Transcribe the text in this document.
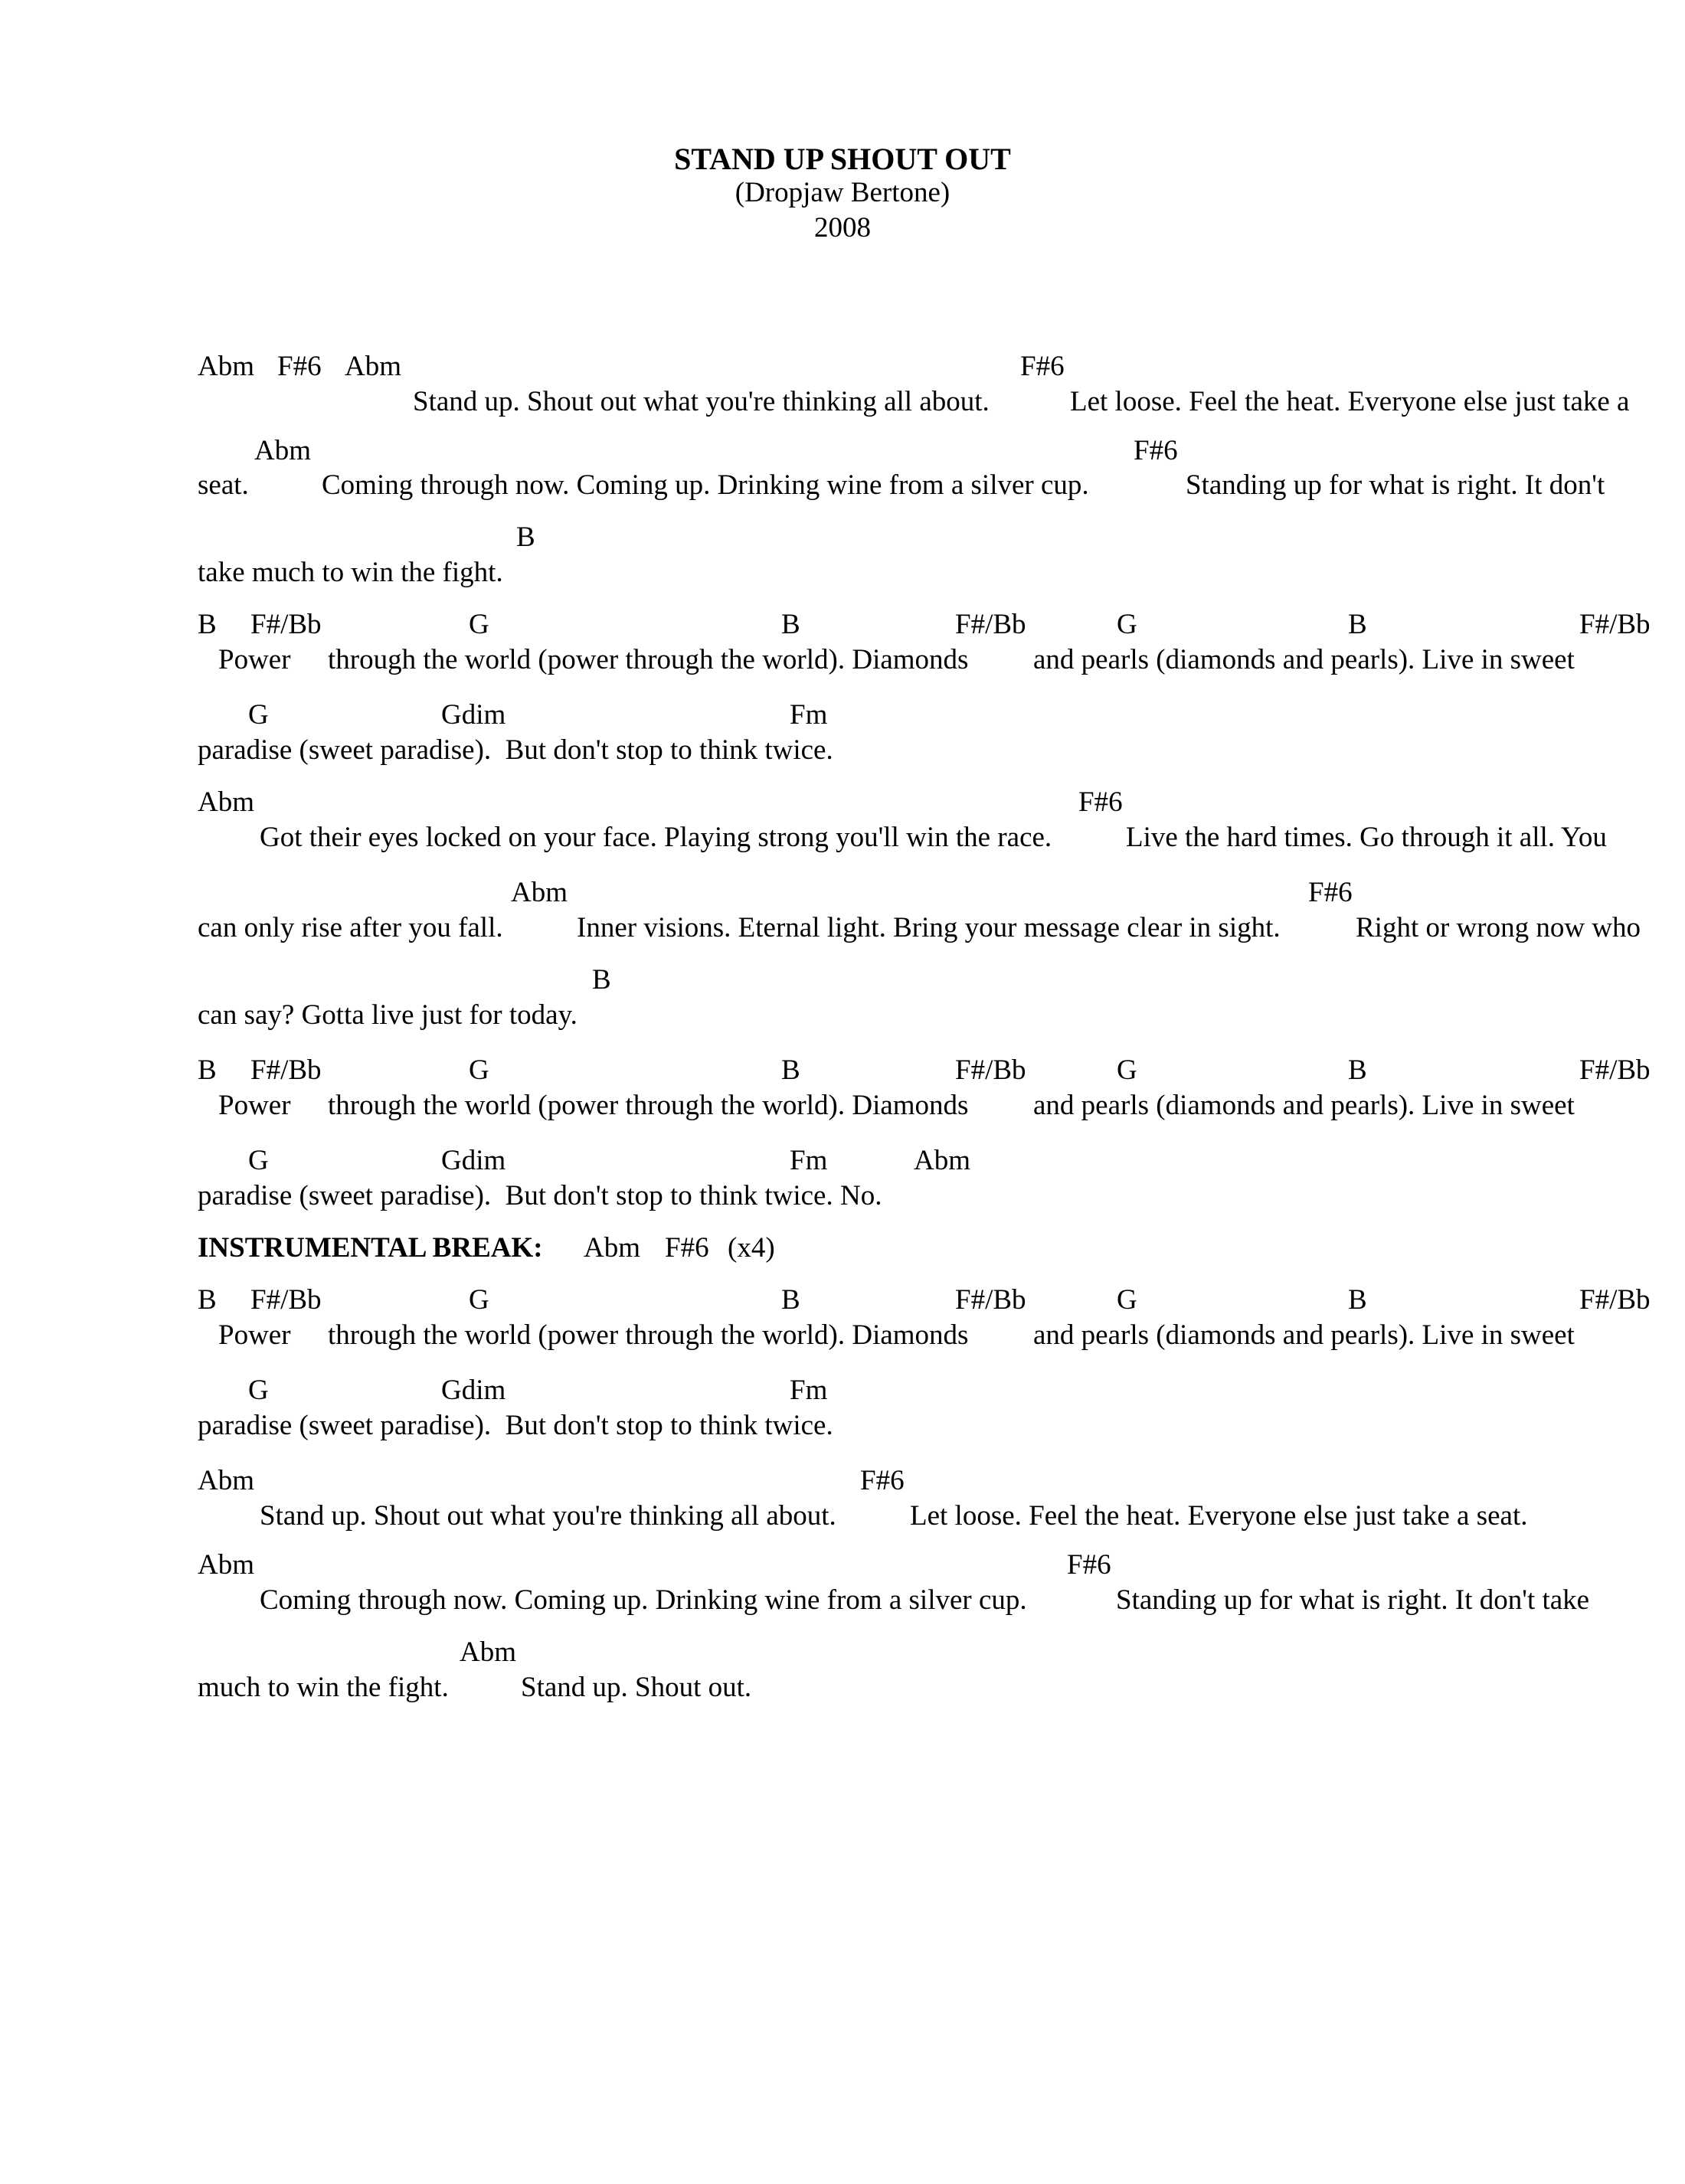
STAND UP SHOUT OUT
(Dropjaw Bertone)
2008
Abm F#6 Abm	F#6
Stand up. Shout out what you're thinking all about.	Let loose. Feel the heat. Everyone else just take a
Abm	F#6
seat.	Coming through now. Coming up. Drinking wine from a silver cup.	Standing up for what is right. It don't
B
take much to win the fight.
B F#/Bb	G	B	F#/Bb	G	B	F#/Bb
Power through the world (power through the world). Diamonds and pearls (diamonds and pearls). Live in sweet
G	Gdim	Fm
paradise (sweet paradise).  But don't stop to think twice.
Abm	F#6
Got their eyes locked on your face. Playing strong you'll win the race.	Live the hard times. Go through it all. You
Abm	F#6
can only rise after you fall.	Inner visions. Eternal light. Bring your message clear in sight.	Right or wrong now who
B
can say? Gotta live just for today.
B F#/Bb	G	B	F#/Bb	G	B	F#/Bb
Power through the world (power through the world). Diamonds and pearls (diamonds and pearls). Live in sweet
G	Gdim	Fm	Abm
paradise (sweet paradise).  But don't stop to think twice. No.
INSTRUMENTAL BREAK: Abm F#6 (x4)
B F#/Bb	G	B	F#/Bb	G	B	F#/Bb
Power through the world (power through the world). Diamonds and pearls (diamonds and pearls). Live in sweet
G	Gdim	Fm
paradise (sweet paradise).  But don't stop to think twice.
Abm	F#6
Stand up. Shout out what you're thinking all about.	Let loose. Feel the heat. Everyone else just take a seat.
Abm	F#6
Coming through now. Coming up. Drinking wine from a silver cup.	Standing up for what is right. It don't take
Abm
much to win the fight.	Stand up. Shout out.
